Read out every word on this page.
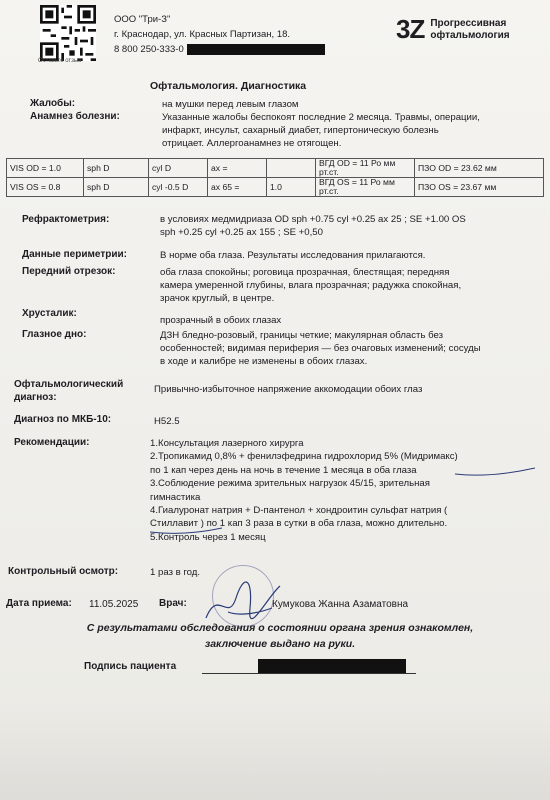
Оставьте отзыв
ООО "Три-З"
г. Краснодар, ул. Красных Партизан, 18.
8 800 250-333-0
3Z Прогрессивная
офтальмология
Офтальмология. Диагностика
Жалобы:	на мушки перед левым глазом
Анамнез болезни:	Указанные жалобы беспокоят последние 2 месяца. Травмы, операции,
инфаркт, инсульт, сахарный диабет, гипертоническую болезнь
отрицает. Аллергоанамнез не отягощен.
VIS OD = 1.0	sph D	cyl D	ax =		ВГД OD = 11 Ро мм рт.ст.	ПЗО OD = 23.62 мм
VIS OS = 0.8	sph D	cyl -0.5 D	ax 65 =	1.0	ВГД OS = 11 Ро мм рт.ст.	ПЗО OS = 23.67 мм
Рефрактометрия:	в условиях медмидриаза OD sph +0.75 cyl +0.25 ax 25 ; SE +1.00 OS
sph +0.25 cyl +0.25 ax 155 ; SE +0,50
Данные периметрии:	В норме оба глаза. Результаты исследования прилагаются.
Передний отрезок:	оба глаза спокойны; роговица прозрачная, блестящая; передняя
камера умеренной глубины, влага прозрачная; радужка спокойная,
зрачок круглый, в центре.
Хрусталик:
прозрачный в обоих глазах
Глазное дно:	ДЗН бледно-розовый, границы четкие; макулярная область без
особенностей; видимая периферия — без очаговых изменений; сосуды
в ходе и калибре не изменены в обоих глазах.
Офтальмологический
диагноз:
Привычно-избыточное напряжение аккомодации обоих глаз
Диагноз по МКБ-10:	H52.5
Рекомендации:	1.Консультация лазерного хирурга
2.Тропикамид 0,8% + фенилэфедрина гидрохлорид 5% (Мидримакс)
по 1 кап через день на ночь в течение 1 месяца в оба глаза
3.Соблюдение режима зрительных нагрузок 45/15, зрительная
гимнастика
4.Гиалуронат натрия + D-пантенол + хондроитин сульфат натрия (
Стиллавит ) по 1 кап 3 раза в сутки в оба глаза, можно длительно.
5.Контроль через 1 месяц
Контрольный осмотр:	1 раз в год.
Дата приема: 11.05.2025 Врач:	Кумукова Жанна Азаматовна
С результатами обследования о состоянии органа зрения ознакомлен,
заключение выдано на руки.
Подпись пациента
